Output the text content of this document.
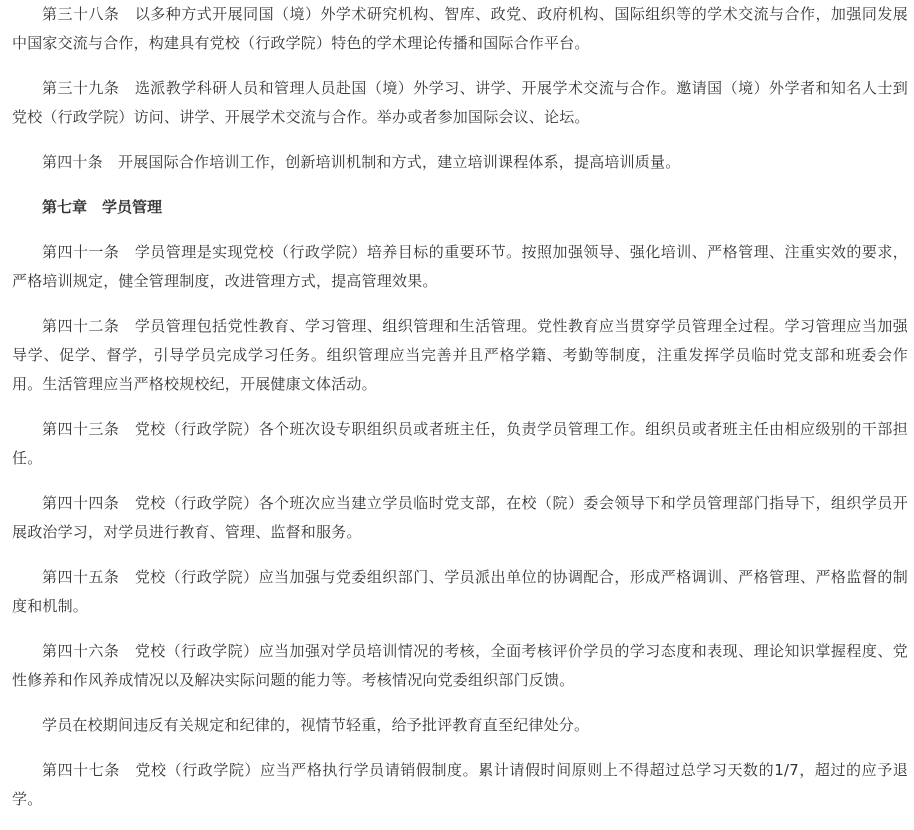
第三十八条　以多种方式开展同国（境）外学术研究机构、智库、政党、政府机构、国际组织等的学术交流与合作，加强同发展中国家交流与合作，构建具有党校（行政学院）特色的学术理论传播和国际合作平台。

第三十九条　选派教学科研人员和管理人员赴国（境）外学习、讲学、开展学术交流与合作。邀请国（境）外学者和知名人士到党校（行政学院）访问、讲学、开展学术交流与合作。举办或者参加国际会议、论坛。

第四十条　开展国际合作培训工作，创新培训机制和方式，建立培训课程体系，提高培训质量。

第七章　学员管理

第四十一条　学员管理是实现党校（行政学院）培养目标的重要环节。按照加强领导、强化培训、严格管理、注重实效的要求，严格培训规定，健全管理制度，改进管理方式，提高管理效果。

第四十二条　学员管理包括党性教育、学习管理、组织管理和生活管理。党性教育应当贯穿学员管理全过程。学习管理应当加强导学、促学、督学，引导学员完成学习任务。组织管理应当完善并且严格学籍、考勤等制度，注重发挥学员临时党支部和班委会作用。生活管理应当严格校规校纪，开展健康文体活动。

第四十三条　党校（行政学院）各个班次设专职组织员或者班主任，负责学员管理工作。组织员或者班主任由相应级别的干部担任。

第四十四条　党校（行政学院）各个班次应当建立学员临时党支部，在校（院）委会领导下和学员管理部门指导下，组织学员开展政治学习，对学员进行教育、管理、监督和服务。

第四十五条　党校（行政学院）应当加强与党委组织部门、学员派出单位的协调配合，形成严格调训、严格管理、严格监督的制度和机制。

第四十六条　党校（行政学院）应当加强对学员培训情况的考核，全面考核评价学员的学习态度和表现、理论知识掌握程度、党性修养和作风养成情况以及解决实际问题的能力等。考核情况向党委组织部门反馈。

学员在校期间违反有关规定和纪律的，视情节轻重，给予批评教育直至纪律处分。

第四十七条　党校（行政学院）应当严格执行学员请销假制度。累计请假时间原则上不得超过总学习天数的1/7，超过的应予退学。
